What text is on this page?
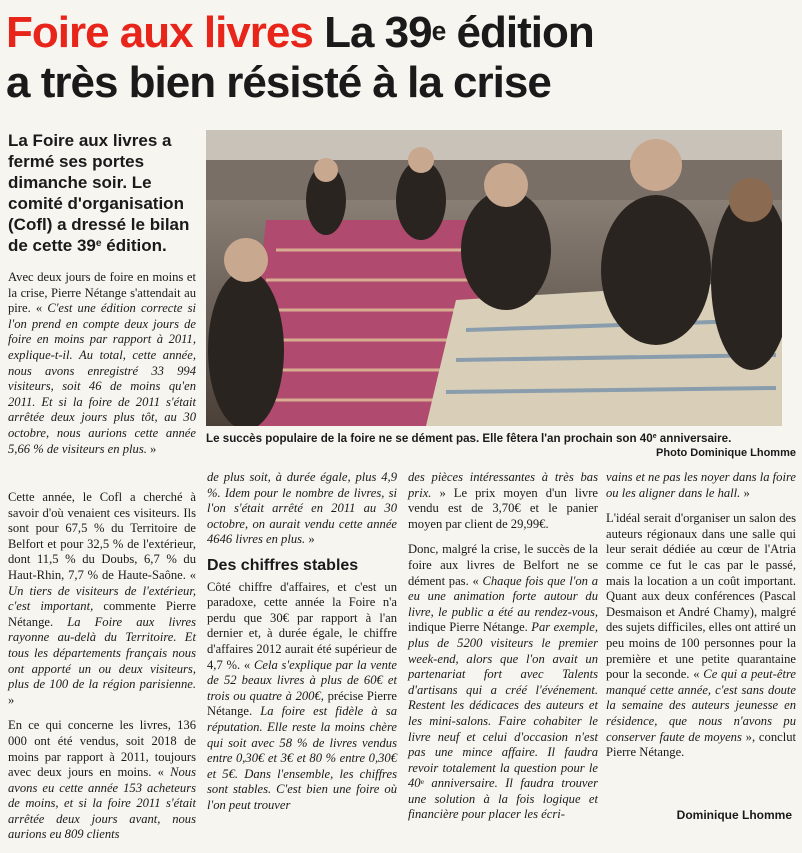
Foire aux livres La 39e édition
a très bien résisté à la crise
La Foire aux livres a fermé ses portes dimanche soir. Le comité d'organisation (Cofl) a dressé le bilan de cette 39e édition.
Le succès populaire de la foire ne se dément pas. Elle fêtera l'an prochain son 40e anniversaire.
Photo Dominique Lhomme

Avec deux jours de foire en moins et la crise, Pierre Nétange s'attendait au pire. « C'est une édition correcte si l'on prend en compte deux jours de foire en moins par rapport à 2011, explique-t-il. Au total, cette année, nous avons enregistré 33 994 visiteurs, soit 46 de moins qu'en 2011. Et si la foire de 2011 s'était arrêtée deux jours plus tôt, au 30 octobre, nous aurions cette année 5,66 % de visiteurs en plus. »

Cette année, le Cofl a cherché à savoir d'où venaient ces visiteurs. Ils sont pour 67,5 % du Territoire de Belfort et pour 32,5 % de l'extérieur, dont 11,5 % du Doubs, 6,7 % du Haut-Rhin, 7,7 % de Haute-Saône. « Un tiers de visiteurs de l'extérieur, c'est important, commente Pierre Nétange. La Foire aux livres rayonne au-delà du Territoire. Et tous les départements français nous ont apporté un ou deux visiteurs, plus de 100 de la région parisienne. »

En ce qui concerne les livres, 136 000 ont été vendus, soit 2018 de moins par rapport à 2011, toujours avec deux jours en moins. « Nous avons eu cette année 153 acheteurs de moins, et si la foire 2011 s'était arrêtée deux jours avant, nous aurions eu 809 clients

de plus soit, à durée égale, plus 4,9 %. Idem pour le nombre de livres, si l'on s'était arrêté en 2011 au 30 octobre, on aurait vendu cette année 4646 livres en plus. »

Des chiffres stables

Côté chiffre d'affaires, et c'est un paradoxe, cette année la Foire n'a perdu que 30€ par rapport à l'an dernier et, à durée égale, le chiffre d'affaires 2012 aurait été supérieur de 4,7 %. « Cela s'explique par la vente de 52 beaux livres à plus de 60€ et trois ou quatre à 200€, précise Pierre Nétange. La foire est fidèle à sa réputation. Elle reste la moins chère qui soit avec 58 % de livres vendus entre 0,30€ et 3€ et 80 % entre 0,30€ et 5€. Dans l'ensemble, les chiffres sont stables. C'est bien une foire où l'on peut trouver

des pièces intéressantes à très bas prix. » Le prix moyen d'un livre vendu est de 3,70€ et le panier moyen par client de 29,99€.

Donc, malgré la crise, le succès de la foire aux livres de Belfort ne se dément pas. « Chaque fois que l'on a eu une animation forte autour du livre, le public a été au rendez-vous, indique Pierre Nétange. Par exemple, plus de 5200 visiteurs le premier week-end, alors que l'on avait un partenariat fort avec Talents d'artisans qui a créé l'événement. Restent les dédicaces des auteurs et les mini-salons. Faire cohabiter le livre neuf et celui d'occasion n'est pas une mince affaire. Il faudra revoir totalement la question pour le 40e anniversaire. Il faudra trouver une solution à la fois logique et financière pour placer les écri-

vains et ne pas les noyer dans la foire ou les aligner dans le hall. »

L'idéal serait d'organiser un salon des auteurs régionaux dans une salle qui leur serait dédiée au cœur de l'Atria comme ce fut le cas par le passé, mais la location a un coût important. Quant aux deux conférences (Pascal Desmaison et André Chamy), malgré des sujets difficiles, elles ont attiré un peu moins de 100 personnes pour la première et une petite quarantaine pour la seconde. « Ce qui a peut-être manqué cette année, c'est sans doute la semaine des auteurs jeunesse en résidence, que nous n'avons pu conserver faute de moyens », conclut Pierre Nétange.

Dominique Lhomme
